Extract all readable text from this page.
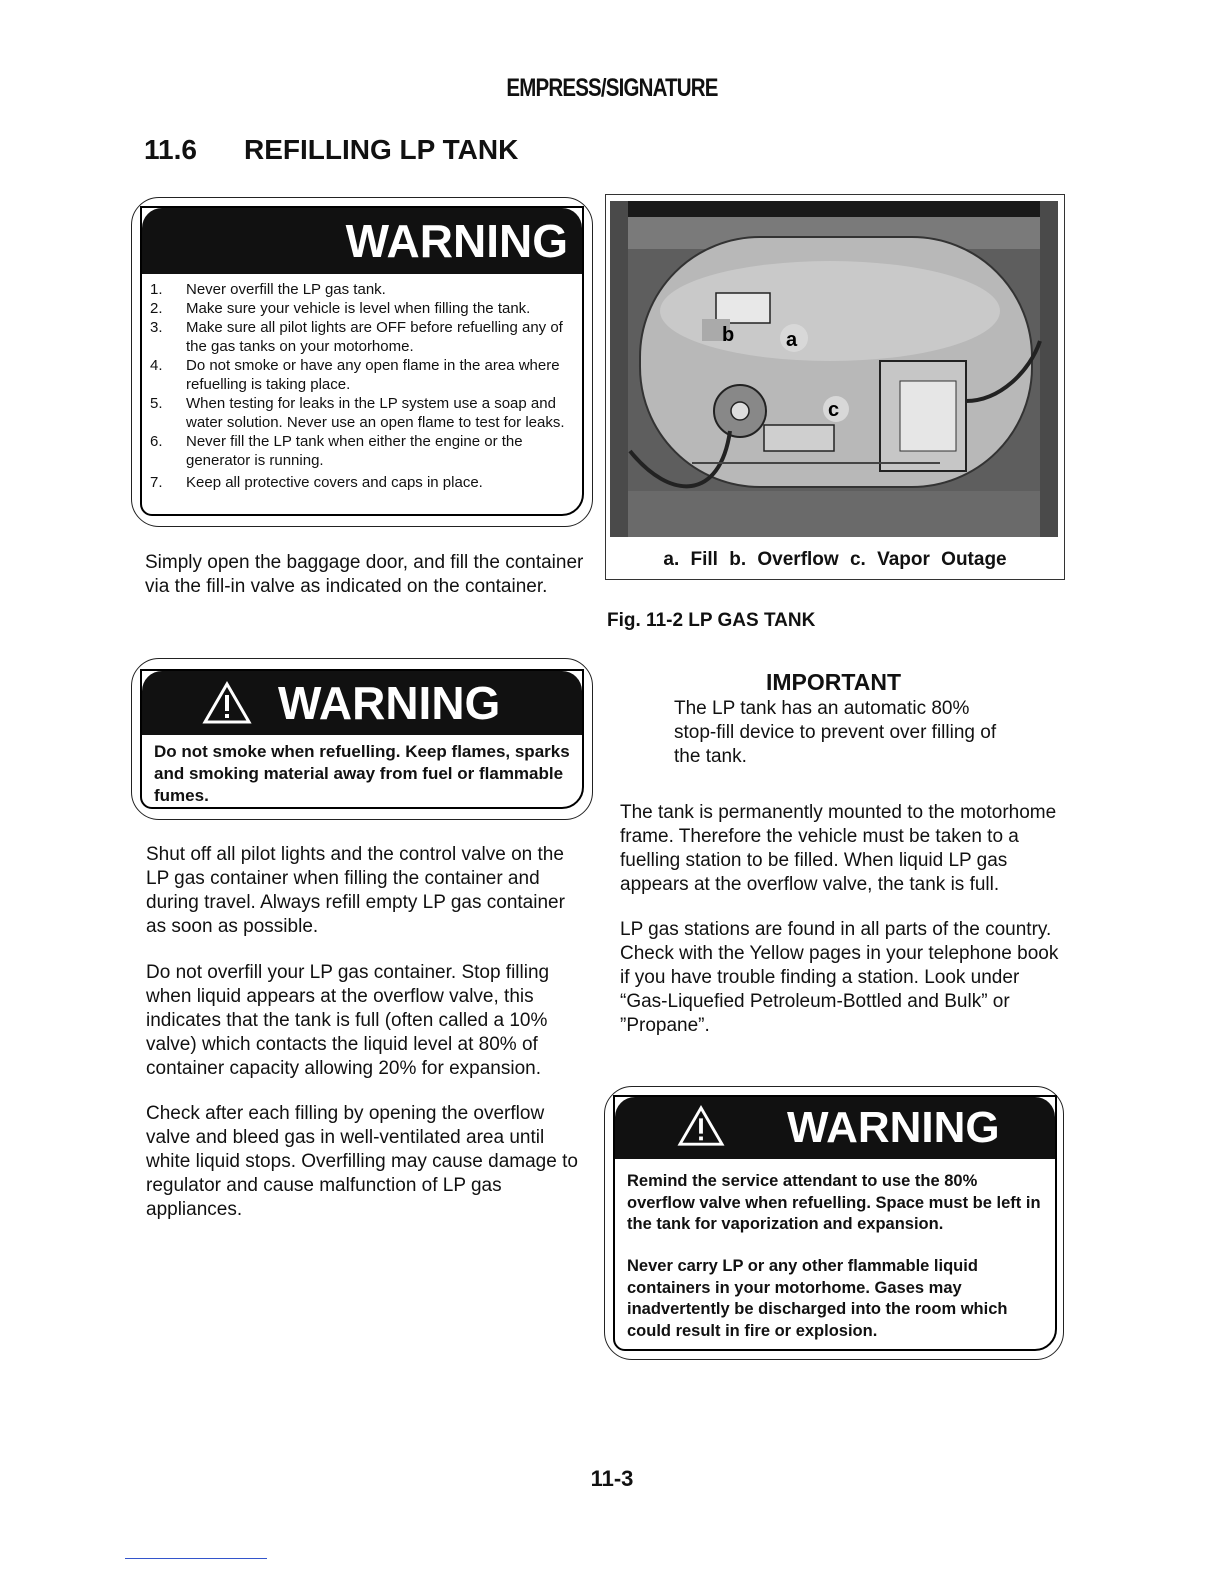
EMPRESS/SIGNATURE
11.6 REFILLING LP TANK
WARNING
1. Never overfill the LP gas tank.
2. Make sure your vehicle is level when filling the tank.
3. Make sure all pilot lights are OFF before refuelling any of the gas tanks on your motorhome.
4. Do not smoke or have any open flame in the area where refuelling is taking place.
5. When testing for leaks in the LP system use a soap and water solution. Never use an open flame to test for leaks.
6. Never fill the LP tank when either the engine or the generator is running.
7. Keep all protective covers and caps in place.
Simply open the baggage door, and fill the container via the fill-in valve as indicated on the container.
b	a
c
a. Fill b. Overflow c. Vapor Outage
Fig. 11-2 LP GAS TANK
WARNING
Do not smoke when refuelling. Keep flames, sparks and smoking material away from fuel or flammable fumes.
IMPORTANT
The LP tank has an automatic 80% stop-fill device to prevent over filling of the tank.
Shut off all pilot lights and the control valve on the LP gas container when filling the container and during travel. Always refill empty LP gas container as soon as possible.
Do not overfill your LP gas container. Stop filling when liquid appears at the overflow valve, this indicates that the tank is full (often called a 10% valve) which contacts the liquid level at 80% of container capacity allowing 20% for expansion.
Check after each filling by opening the overflow valve and bleed gas in well-ventilated area until white liquid stops. Overfilling may cause damage to regulator and cause malfunction of LP gas appliances.
The tank is permanently mounted to the motorhome frame. Therefore the vehicle must be taken to a fuelling station to be filled. When liquid LP gas appears at the overflow valve, the tank is full.
LP gas stations are found in all parts of the country. Check with the Yellow pages in your telephone book if you have trouble finding a station. Look under “Gas-Liquefied Petroleum-Bottled and Bulk” or ”Propane”.
WARNING
Remind the service attendant to use the 80% overflow valve when refuelling. Space must be left in the tank for vaporization and expansion.
Never carry LP or any other flammable liquid containers in your motorhome. Gases may inadvertently be discharged into the room which could result in fire or explosion.
11-3
